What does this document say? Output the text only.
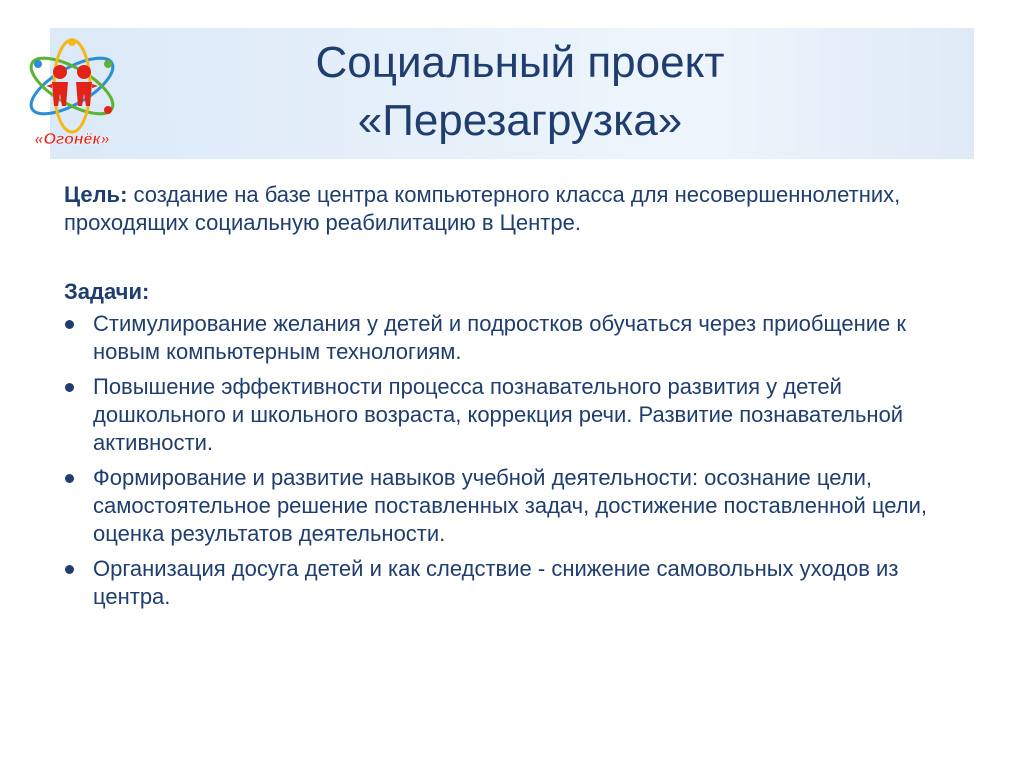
«Огонёк»
Социальный проект
«Перезагрузка»

Цель: создание на базе центра компьютерного класса для несовершеннолетних, проходящих социальную реабилитацию в Центре.

Задачи:
Стимулирование желания у детей и подростков обучаться через приобщение к новым компьютерным технологиям.
Повышение эффективности процесса познавательного развития у детей дошкольного и школьного возраста, коррекция речи. Развитие познавательной активности.
Формирование и развитие навыков учебной деятельности: осознание цели, самостоятельное решение поставленных задач, достижение поставленной цели, оценка результатов деятельности.
Организация досуга детей и как следствие - снижение самовольных уходов из центра.
